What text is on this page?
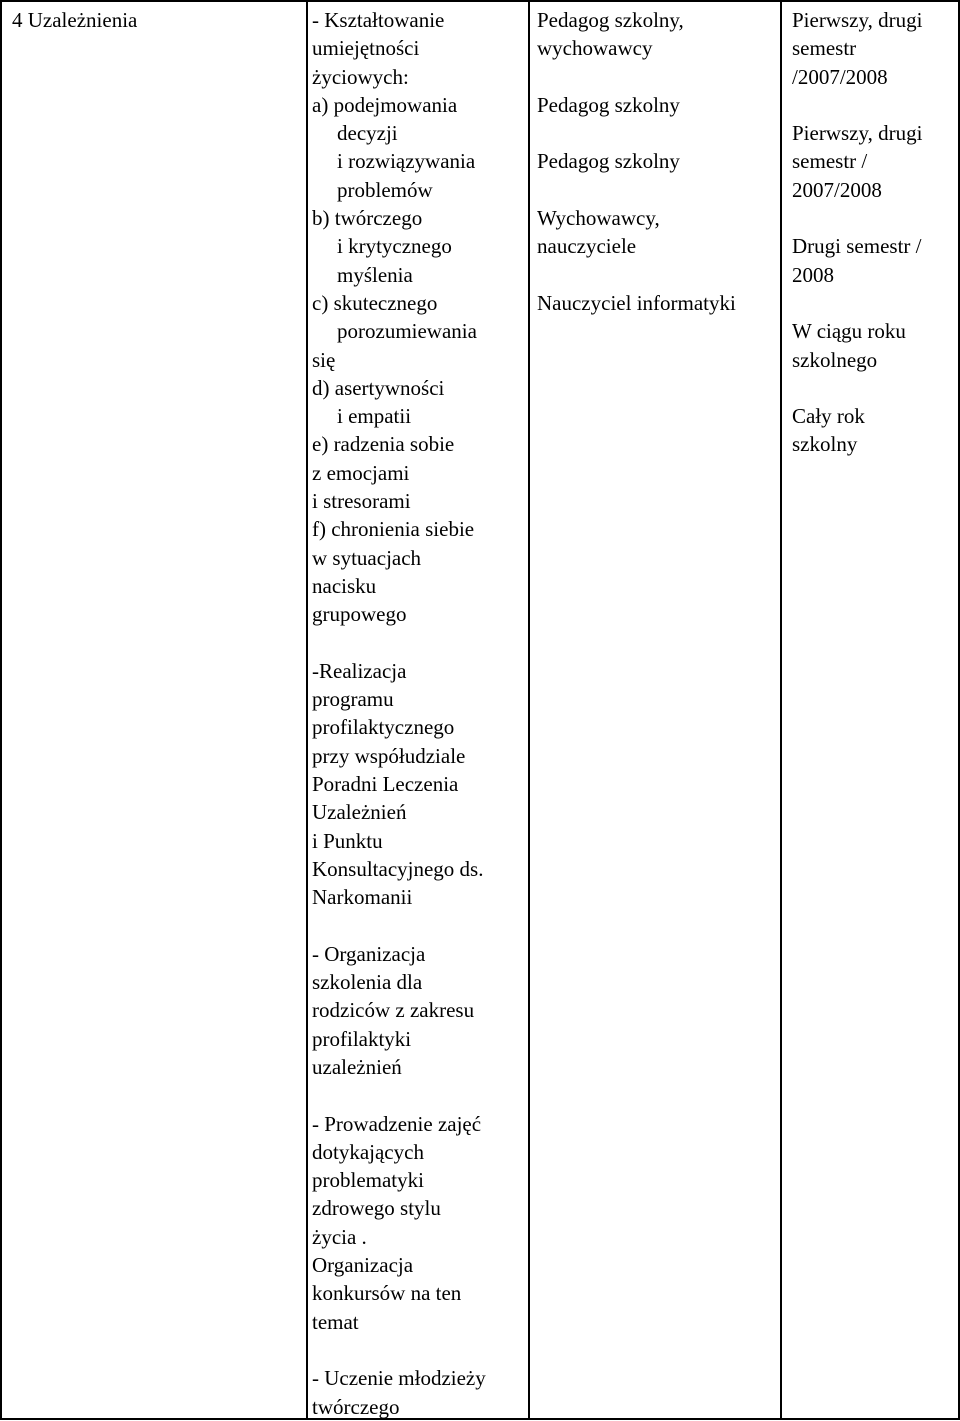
4 Uzależnienia	- Kształtowanie
umiejętności
życiowych:
a) podejmowania
decyzji
i rozwiązywania
problemów
b) twórczego
i krytycznego
myślenia
c) skutecznego
porozumiewania
się
d) asertywności
i empatii
e) radzenia sobie
z emocjami
i stresorami
f) chronienia siebie
w sytuacjach
nacisku
grupowego
-Realizacja
programu
profilaktycznego
przy współudziale
Poradni Leczenia
Uzależnień
i Punktu
Konsultacyjnego ds.
Narkomanii
- Organizacja
szkolenia dla
rodziców z zakresu
profilaktyki
uzależnień
- Prowadzenie zajęć
dotykających
problematyki
zdrowego stylu
życia .
Organizacja
konkursów na ten
temat
- Uczenie młodzieży
twórczego
Pedagog szkolny,
wychowawcy
Pedagog szkolny
Pedagog szkolny
Wychowawcy,
nauczyciele
Nauczyciel informatyki
Pierwszy, drugi
semestr
/2007/2008
Pierwszy, drugi
semestr /
2007/2008
Drugi semestr /
2008
W ciągu roku
szkolnego
Cały rok
szkolny
